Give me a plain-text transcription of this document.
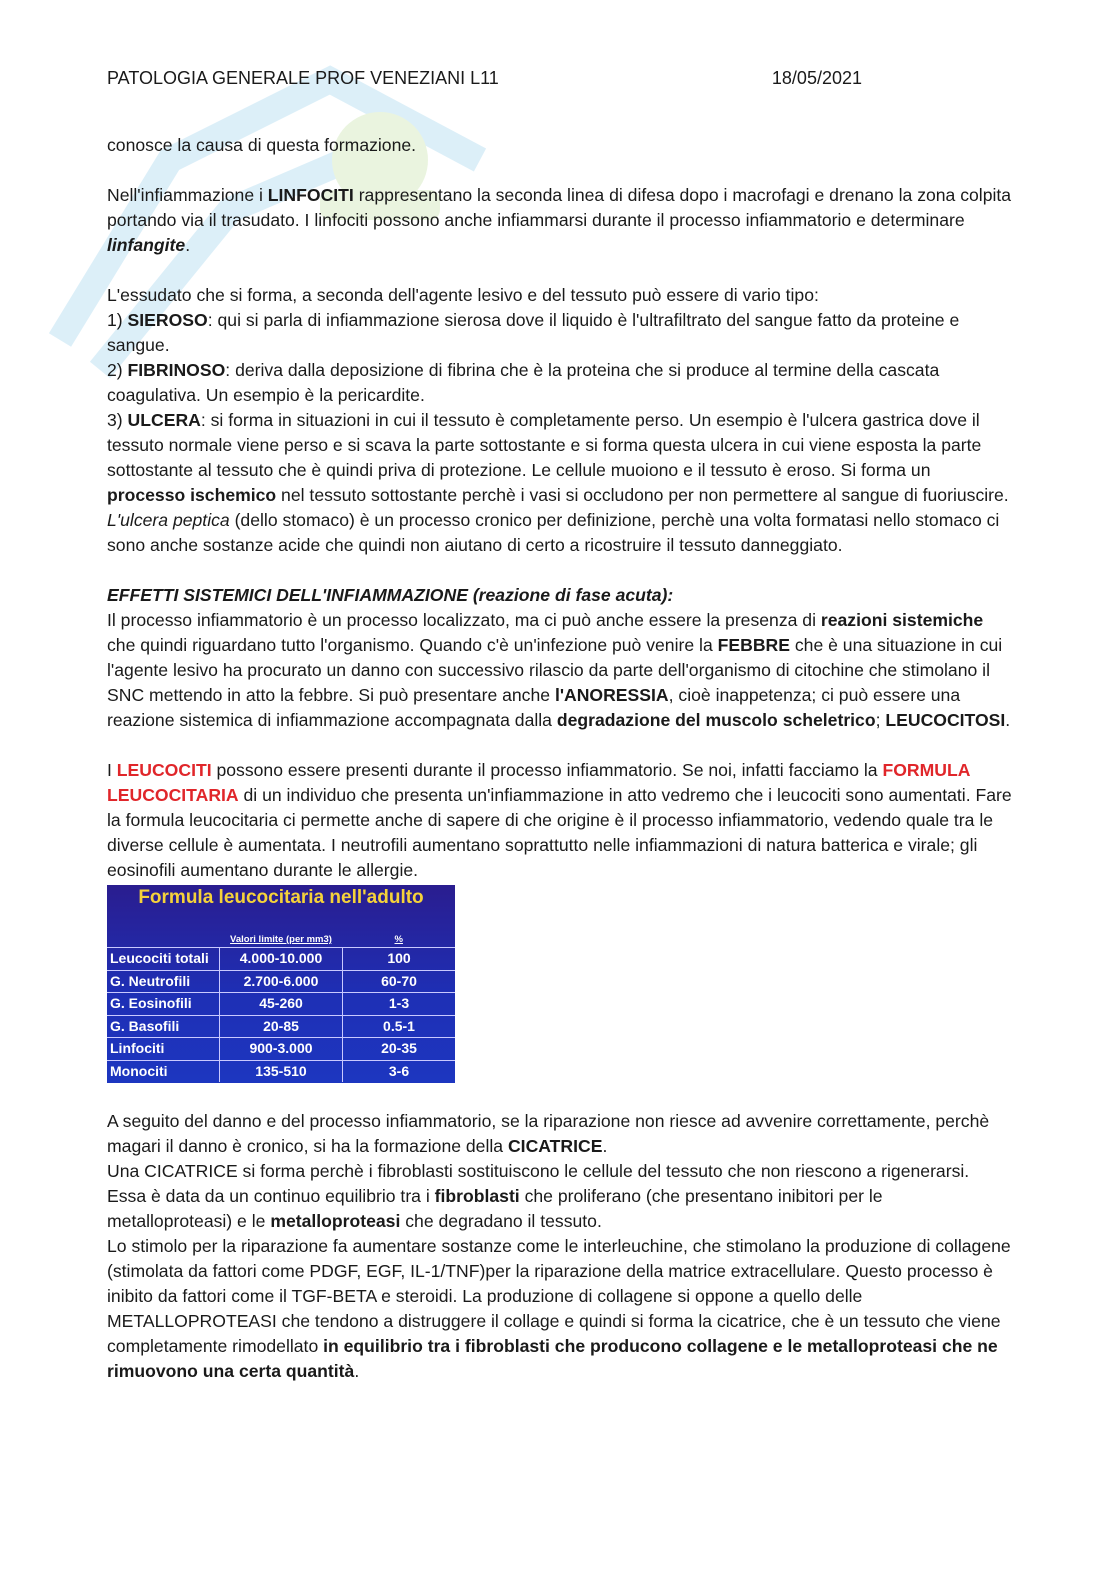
PATOLOGIA GENERALE PROF VENEZIANI L11	18/05/2021

conosce la causa di questa formazione.

Nell'infiammazione i LINFOCITI rappresentano la seconda linea di difesa dopo i macrofagi e drenano la zona colpita portando via il trasudato. I linfociti possono anche infiammarsi durante il processo infiammatorio e determinare linfangite.

L'essudato che si forma, a seconda dell'agente lesivo e del tessuto può essere di vario tipo:
1) SIEROSO: qui si parla di infiammazione sierosa dove il liquido è l'ultrafiltrato del sangue fatto da proteine e sangue.
2) FIBRINOSO: deriva dalla deposizione di fibrina che è la proteina che si produce al termine della cascata coagulativa. Un esempio è la pericardite.
3) ULCERA: si forma in situazioni in cui il tessuto è completamente perso. Un esempio è l'ulcera gastrica dove il tessuto normale viene perso e si scava la parte sottostante e si forma questa ulcera in cui viene esposta la parte sottostante al tessuto che è quindi priva di protezione. Le cellule muoiono e il tessuto è eroso. Si forma un processo ischemico nel tessuto sottostante perchè i vasi si occludono per non permettere al sangue di fuoriuscire. L'ulcera peptica (dello stomaco) è un processo cronico per definizione, perchè una volta formatasi nello stomaco ci sono anche sostanze acide che quindi non aiutano di certo a ricostruire il tessuto danneggiato.

EFFETTI SISTEMICI DELL'INFIAMMAZIONE (reazione di fase acuta):
Il processo infiammatorio è un processo localizzato, ma ci può anche essere la presenza di reazioni sistemiche che quindi riguardano tutto l'organismo. Quando c'è un'infezione può venire la FEBBRE che è una situazione in cui l'agente lesivo ha procurato un danno con successivo rilascio da parte dell'organismo di citochine che stimolano il SNC mettendo in atto la febbre. Si può presentare anche l'ANORESSIA, cioè inappetenza; ci può essere una reazione sistemica di infiammazione accompagnata dalla degradazione del muscolo scheletrico; LEUCOCITOSI.

I LEUCOCITI possono essere presenti durante il processo infiammatorio. Se noi, infatti facciamo la FORMULA LEUCOCITARIA di un individuo che presenta un'infiammazione in atto vedremo che i leucociti sono aumentati. Fare la formula leucocitaria ci permette anche di sapere di che origine è il processo infiammatorio, vedendo quale tra le diverse cellule è aumentata. I neutrofili aumentano soprattutto nelle infiammazioni di natura batterica e virale; gli eosinofili aumentano durante le allergie.

Formula leucocitaria nell'adulto
	Valori limite (per mm3)	%
Leucociti totali	4.000-10.000	100
G. Neutrofili	2.700-6.000	60-70
G. Eosinofili	45-260	1-3
G. Basofili	20-85	0.5-1
Linfociti	900-3.000	20-35
Monociti	135-510	3-6

A seguito del danno e del processo infiammatorio, se la riparazione non riesce ad avvenire correttamente, perchè magari il danno è cronico, si ha la formazione della CICATRICE.
Una CICATRICE si forma perchè i fibroblasti sostituiscono le cellule del tessuto che non riescono a rigenerarsi. Essa è data da un continuo equilibrio tra i fibroblasti che proliferano (che presentano inibitori per le metalloproteasi) e le metalloproteasi che degradano il tessuto.
Lo stimolo per la riparazione fa aumentare sostanze come le interleuchine, che stimolano la produzione di collagene (stimolata da fattori come PDGF, EGF, IL-1/TNF)per la riparazione della matrice extracellulare. Questo processo è inibito da fattori come il TGF-BETA e steroidi. La produzione di collagene si oppone a quello delle METALLOPROTEASI che tendono a distruggere il collage e quindi si forma la cicatrice, che è un tessuto che viene completamente rimodellato in equilibrio tra i fibroblasti che producono collagene e le metalloproteasi che ne rimuovono una certa quantità.
